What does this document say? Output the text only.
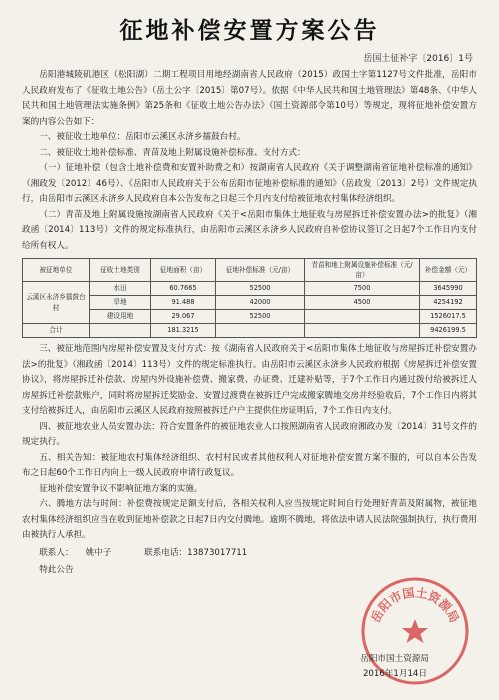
征地补偿安置方案公告
岳国土征补字〔2016〕1号

岳阳港城陵矶港区（松阳湖）二期工程项目用地经湖南省人民政府（2015）政国土字第1127号文件批准，岳阳市人民政府发布了《征收土地公告》（岳土公字〔2015〕第07号）。依据《中华人民共和国土地管理法》第48条、《中华人民共和国土地管理法实施条例》第25条和《征收土地公告办法》（国土资源部令第10号）等规定，现将征地补偿安置方案的内容公告如下：

一、被征收土地单位：岳阳市云溪区永济乡擂鼓台村。

二、被征收土地补偿标准、青苗及地上附属设施补偿标准、支付方式：

（一）征地补偿（包含土地补偿费和安置补助费之和）按湖南省人民政府《关于调整湖南省征地补偿标准的通知》（湘政发〔2012〕46号）、《岳阳市人民政府关于公布岳阳市征地补偿标准的通知》（岳政发〔2013〕2号）文件规定执行，由岳阳市云溪区永济乡人民政府自本公告发布之日起三个月内支付给被征地农村集体经济组织。

（二）青苗及地上附属设施按湖南省人民政府《关于<岳阳市集体土地征收与房屋拆迁补偿安置办法>的批复》（湘政函〔2014〕113号）文件的规定标准执行，由岳阳市云溪区永济乡人民政府自补偿协议签订之日起7个工作日内支付给所有权人。

被征地单位	征收土地类别	征地面积（亩）	征地补偿标准（元/亩）	青苗和地上附属设施补偿标准（元/亩）	补偿金额（元）
云溪区永济乡擂鼓台村	水田	60.7665	52500	7500	3645990
	旱地	91.488	42000	4500	4254192
	建设用地	29.067	52500		1526017.5
合计		181.3215			9426199.5

三、被征地范围内房屋补偿安置及支付方式：按《湖南省人民政府关于<岳阳市集体土地征收与房屋拆迁补偿安置办法>的批复》（湘政函〔2014〕113号）文件的规定标准执行。由岳阳市云溪区永济乡人民政府根据《房屋拆迁补偿安置协议》，将房屋拆迁补偿款、房屋内外设施补偿费、搬家费、办证费、迁建补贴等，于7个工作日内通过拨付给被拆迁人房屋拆迁补偿款账户，同时将房屋拆迁奖励金、安置过渡费在被拆迁户完成搬家腾地交房并经验收后，7个工作日内将其支付给被拆迁人，由岳阳市云溪区人民政府按照被拆迁户户主提供住房证明后，7个工作日内支付。

四、被征地农业人员安置办法：符合安置条件的被征地农业人口按照湖南省人民政府湘政办发〔2014〕31号文件的规定执行。

五、相关告知：被征地农村集体经济组织、农村村民或者其他权利人对征地补偿安置方案不服的，可以自本公告发布之日起60个工作日内向上一级人民政府申请行政复议。

征地补偿安置争议不影响征地方案的实施。

六、腾地方法与时间：补偿费按规定足额支付后，各相关权利人应当按规定时间自行处理好青苗及附属物，被征地农村集体经济组织应当在收到征地补偿款之日起7日内交付腾地。逾期不腾地，将依法申请人民法院强制执行，执行费用由被执行人承担。

联系人： 姚中子	联系电话：13873017711
特此公告
岳阳市国土资源局
岳阳市国土资源局
2016年1月14日
